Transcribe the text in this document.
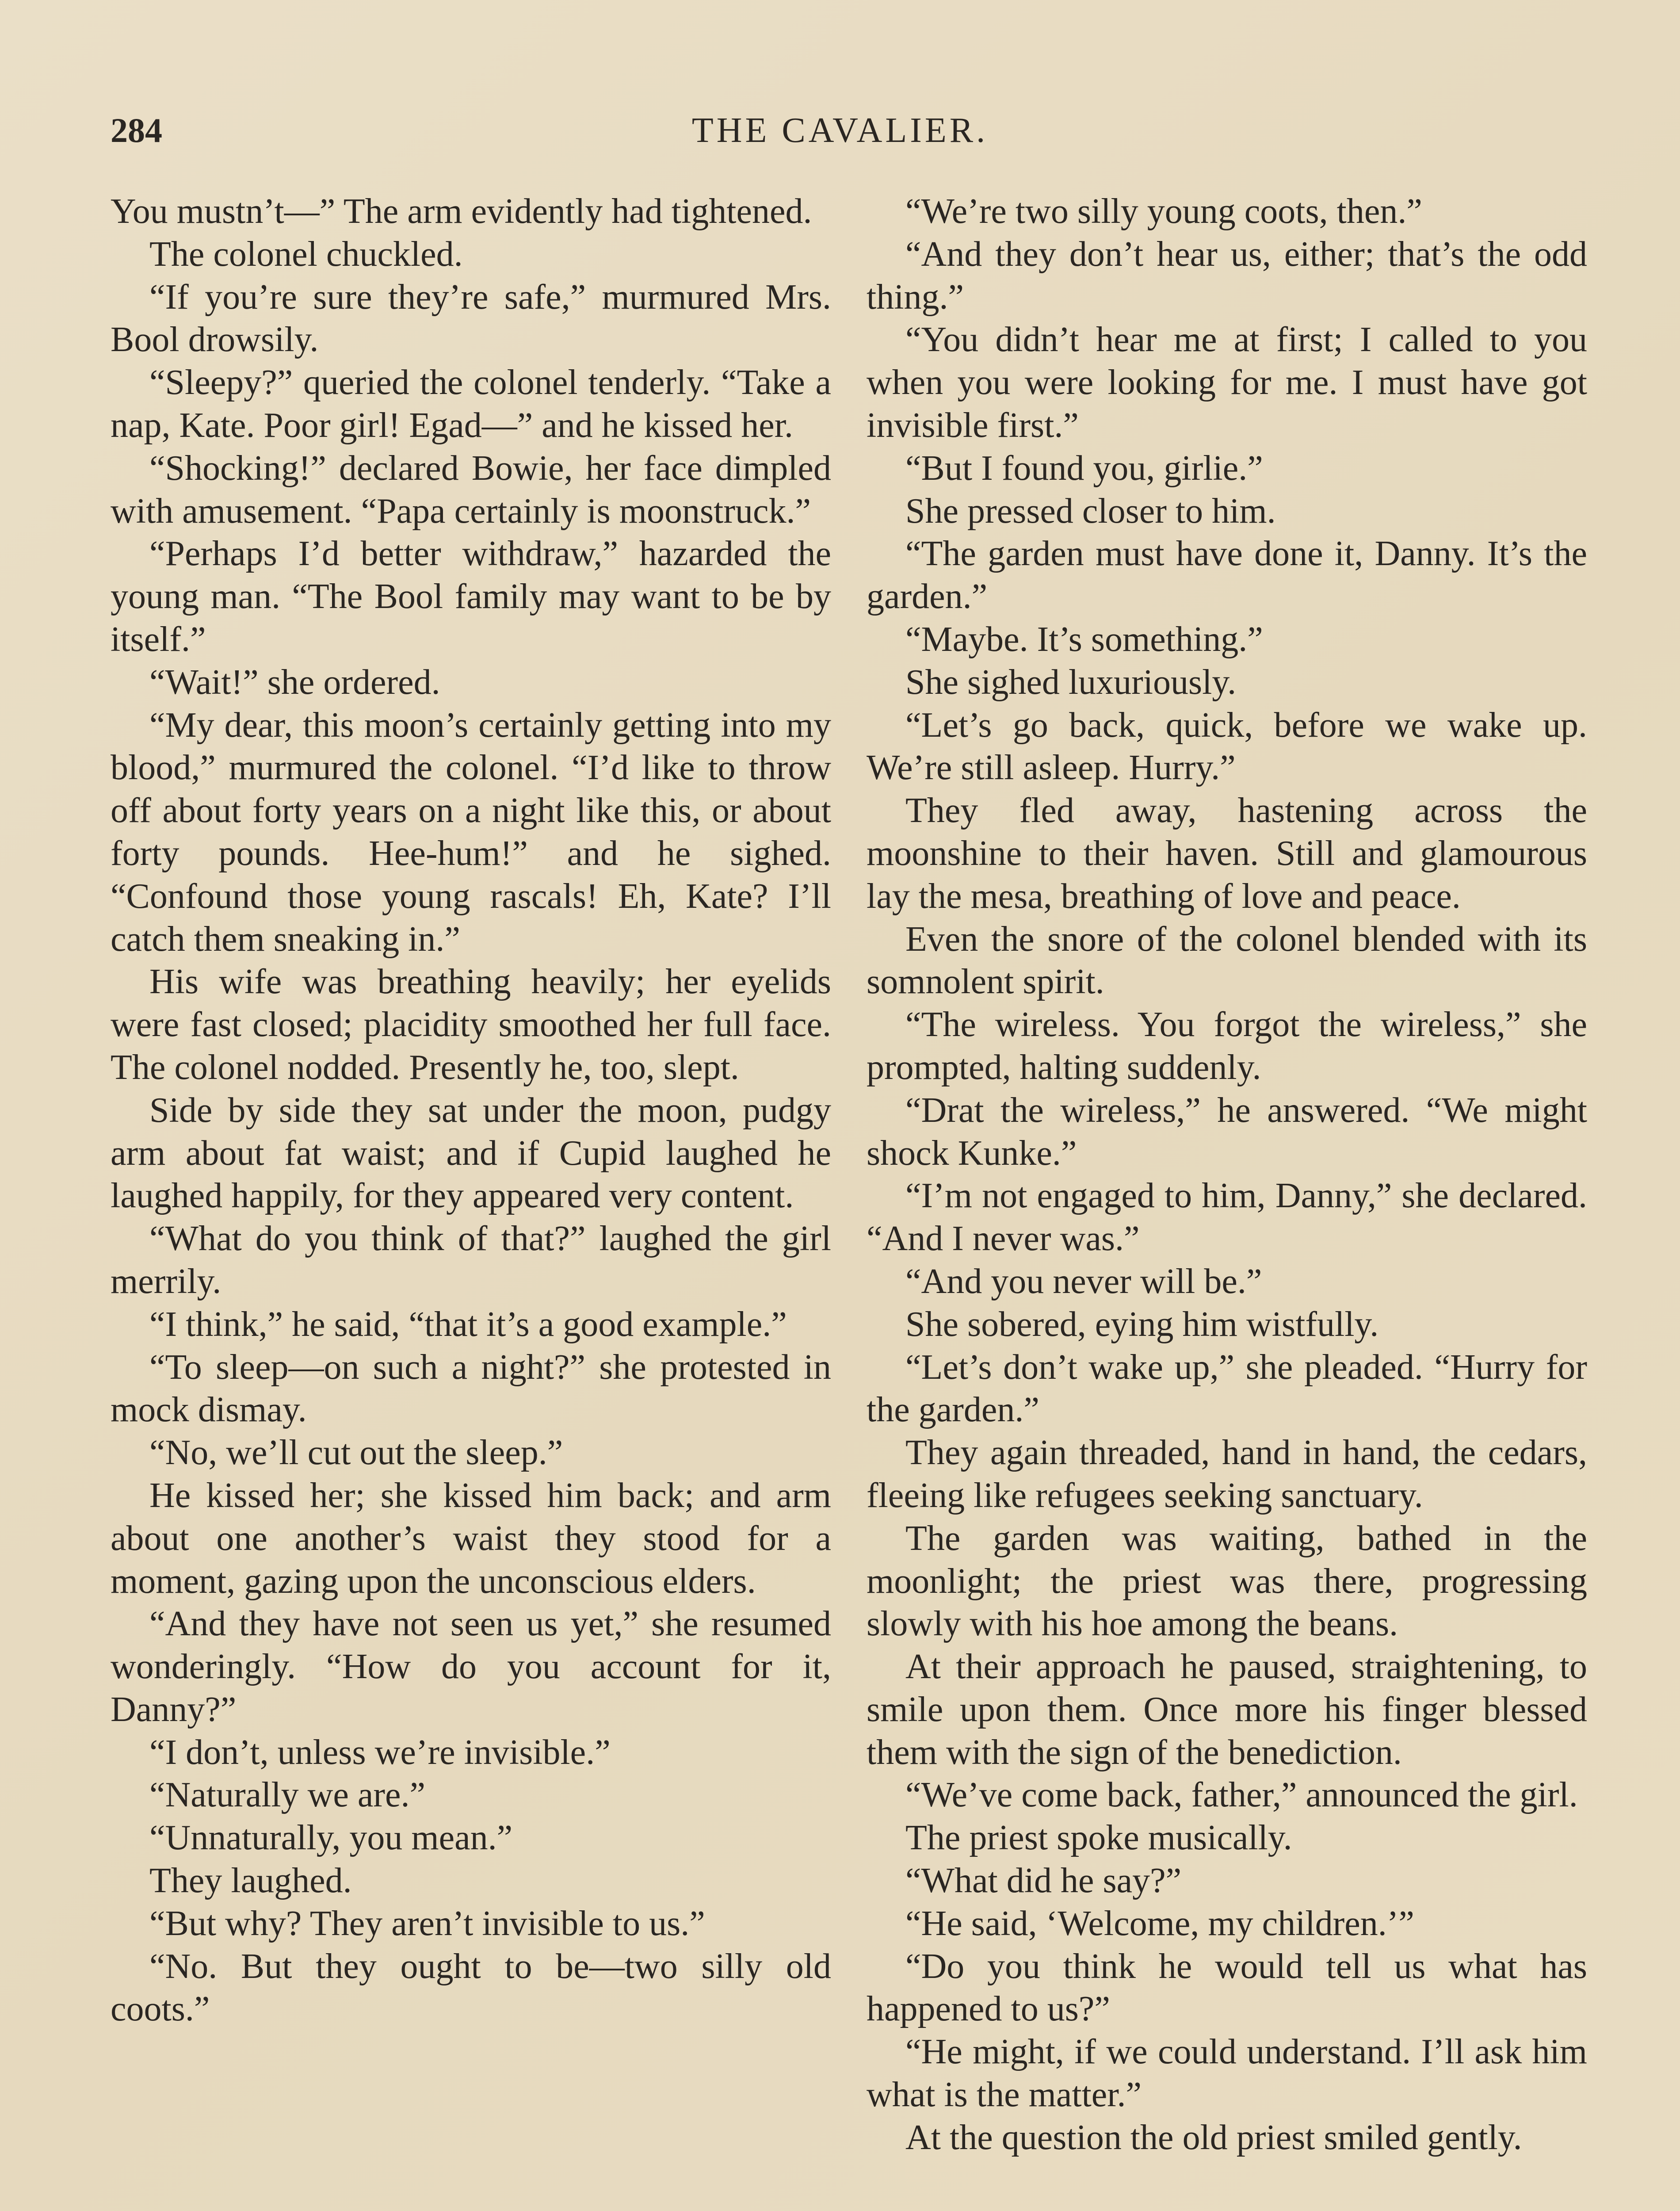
284	THE CAVALIER.

You mustn’t—” The arm evidently had tightened.

The colonel chuckled.

“If you’re sure they’re safe,” murmured Mrs. Bool drowsily.

“Sleepy?” queried the colonel tenderly. “Take a nap, Kate. Poor girl! Egad—” and he kissed her.

“Shocking!” declared Bowie, her face dimpled with amusement. “Papa certainly is moonstruck.”

“Perhaps I’d better withdraw,” hazarded the young man. “The Bool family may want to be by itself.”

“Wait!” she ordered.

“My dear, this moon’s certainly getting into my blood,” murmured the colonel. “I’d like to throw off about forty years on a night like this, or about forty pounds. Hee-hum!” and he sighed. “Confound those young rascals! Eh, Kate? I’ll catch them sneaking in.”

His wife was breathing heavily; her eyelids were fast closed; placidity smoothed her full face. The colonel nodded. Presently he, too, slept.

Side by side they sat under the moon, pudgy arm about fat waist; and if Cupid laughed he laughed happily, for they appeared very content.

“What do you think of that?” laughed the girl merrily.

“I think,” he said, “that it’s a good example.”

“To sleep—on such a night?” she protested in mock dismay.

“No, we’ll cut out the sleep.”

He kissed her; she kissed him back; and arm about one another’s waist they stood for a moment, gazing upon the unconscious elders.

“And they have not seen us yet,” she resumed wonderingly. “How do you account for it, Danny?”

“I don’t, unless we’re invisible.”

“Naturally we are.”

“Unnaturally, you mean.”

They laughed.

“But why? They aren’t invisible to us.”

“No. But they ought to be—two silly old coots.”

“We’re two silly young coots, then.”

“And they don’t hear us, either; that’s the odd thing.”

“You didn’t hear me at first; I called to you when you were looking for me. I must have got invisible first.”

“But I found you, girlie.”

She pressed closer to him.

“The garden must have done it, Danny. It’s the garden.”

“Maybe. It’s something.”

She sighed luxuriously.

“Let’s go back, quick, before we wake up. We’re still asleep. Hurry.”

They fled away, hastening across the moonshine to their haven. Still and glamourous lay the mesa, breathing of love and peace.

Even the snore of the colonel blended with its somnolent spirit.

“The wireless. You forgot the wireless,” she prompted, halting suddenly.

“Drat the wireless,” he answered. “We might shock Kunke.”

“I’m not engaged to him, Danny,” she declared. “And I never was.”

“And you never will be.”

She sobered, eying him wistfully.

“Let’s don’t wake up,” she pleaded. “Hurry for the garden.”

They again threaded, hand in hand, the cedars, fleeing like refugees seeking sanctuary.

The garden was waiting, bathed in the moonlight; the priest was there, progressing slowly with his hoe among the beans.

At their approach he paused, straightening, to smile upon them. Once more his finger blessed them with the sign of the benediction.

“We’ve come back, father,” announced the girl.

The priest spoke musically.

“What did he say?”

“He said, ‘Welcome, my children.’”

“Do you think he would tell us what has happened to us?”

“He might, if we could understand. I’ll ask him what is the matter.”

At the question the old priest smiled gently.
